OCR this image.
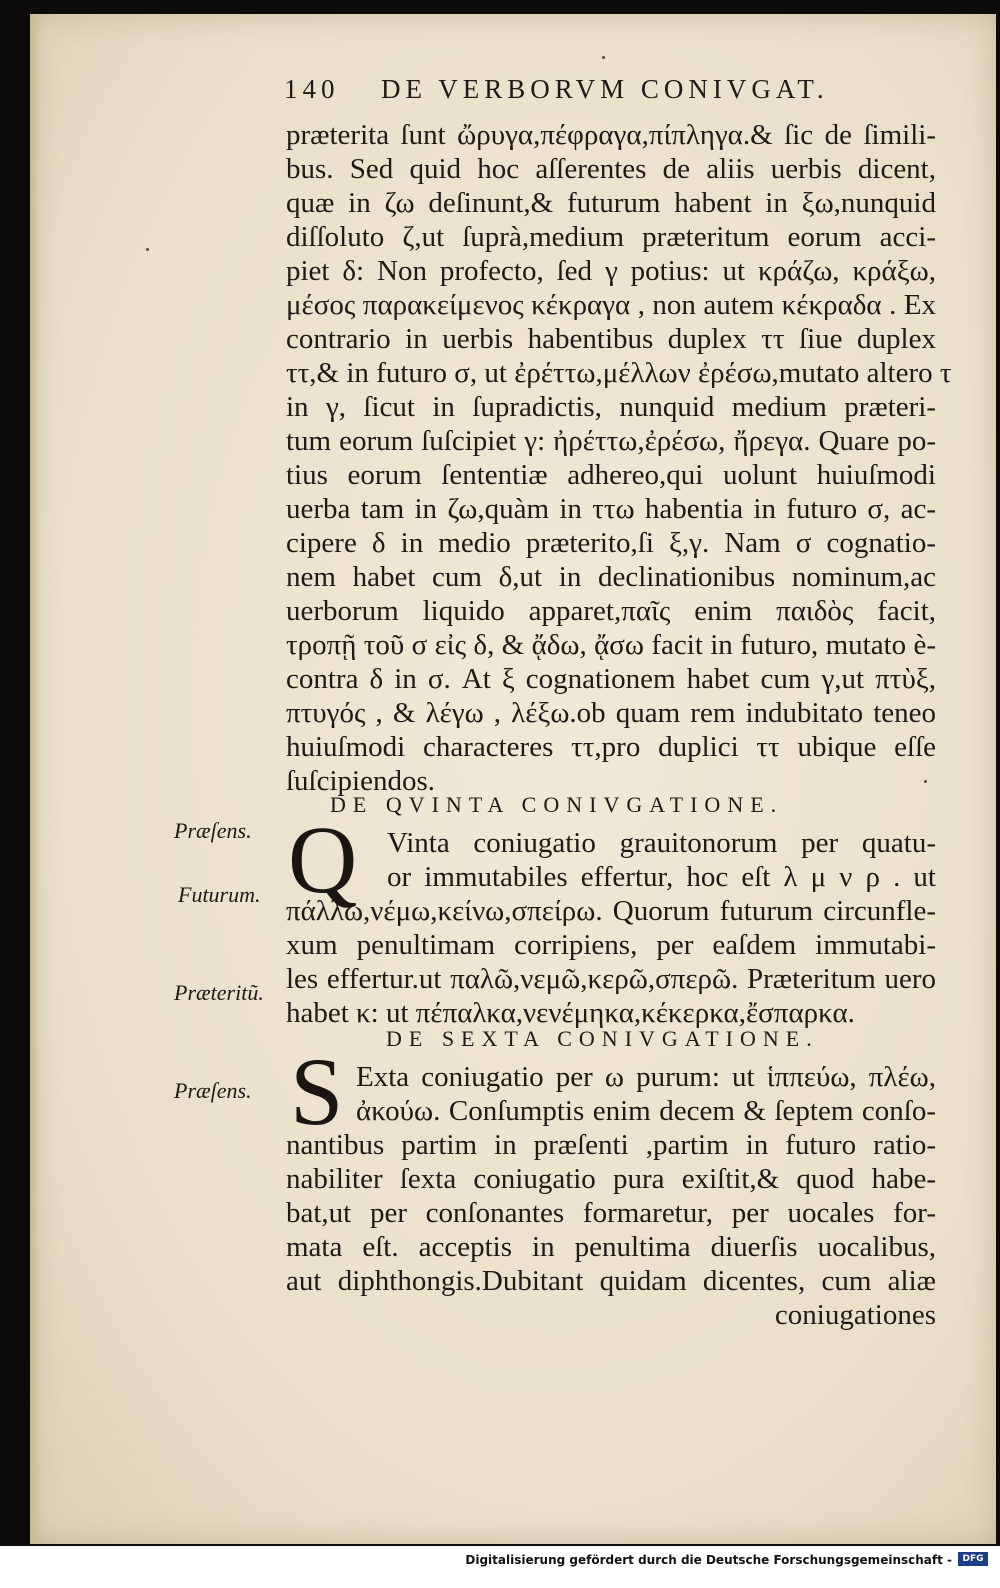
140 DE VERBORVM CONIVGAT.
præterita ſunt ὤρυγα,πέφραγα,πίπληγα.& ſic de ſimili-
bus. Sed quid hoc aſſerentes de aliis uerbis dicent,
quæ in ζω deſinunt,& futurum habent in ξω,nunquid
diſſoluto ζ,ut ſuprà,medium præteritum eorum acci-
piet δ: Non profecto, ſed γ potius: ut κράζω, κράξω,
μέσος παρακείμενος κέκραγα , non autem κέκραδα . Ex
contrario in uerbis habentibus duplex ττ ſiue duplex
ττ,& in futuro σ, ut ἐρέττω,μέλλων ἐρέσω,mutato altero τ
in γ, ſicut in ſupradictis, nunquid medium præteri-
tum eorum ſuſcipiet γ: ἠρέττω,ἐρέσω, ἤρεγα. Quare po-
tius eorum ſententiæ adhereo,qui uolunt huiuſmodi
uerba tam in ζω,quàm in ττω habentia in futuro σ, ac-
cipere δ in medio præterito,ſi ξ,γ. Nam σ cognatio-
nem habet cum δ,ut in declinationibus nominum,ac
uerborum liquido apparet,παῖς enim παιδὸς facit,
τροπῇ τοῦ σ εἰς δ, & ᾄδω, ᾄσω facit in futuro, mutato è-
contra δ in σ. At ξ cognationem habet cum γ,ut πτὺξ,
πτυγός , & λέγω , λέξω.ob quam rem indubitato teneo
huiuſmodi characteres ττ,pro duplici ττ ubique eſſe
ſuſcipiendos.
DE QVINTA CONIVGATIONE.
Q Vinta coniugatio grauitonorum per quatu-
or immutabiles effertur, hoc eſt λ μ ν ρ . ut
πάλλω,νέμω,κείνω,σπείρω. Quorum futurum circunfle-
xum penultimam corripiens, per eaſdem immutabi-
les effertur.ut παλῶ,νεμῶ,κερῶ,σπερῶ. Præteritum uero
habet κ: ut πέπαλκα,νενέμηκα,κέκερκα,ἔσπαρκα.
DE SEXTA CONIVGATIONE.
S Exta coniugatio per ω purum: ut ἱππεύω, πλέω,
ἀκούω. Conſumptis enim decem & ſeptem conſo-
nantibus partim in præſenti ,partim in futuro ratio-
nabiliter ſexta coniugatio pura exiſtit,& quod habe-
bat,ut per conſonantes formaretur, per uocales for-
mata eſt. acceptis in penultima diuerſis uocalibus,
aut diphthongis.Dubitant quidam dicentes, cum aliæ
coniugationes
Præſens.
Futurum.
Præteritũ.
Præſens.
Digitalisierung gefördert durch die Deutsche Forschungsgemeinschaft -	DFG
